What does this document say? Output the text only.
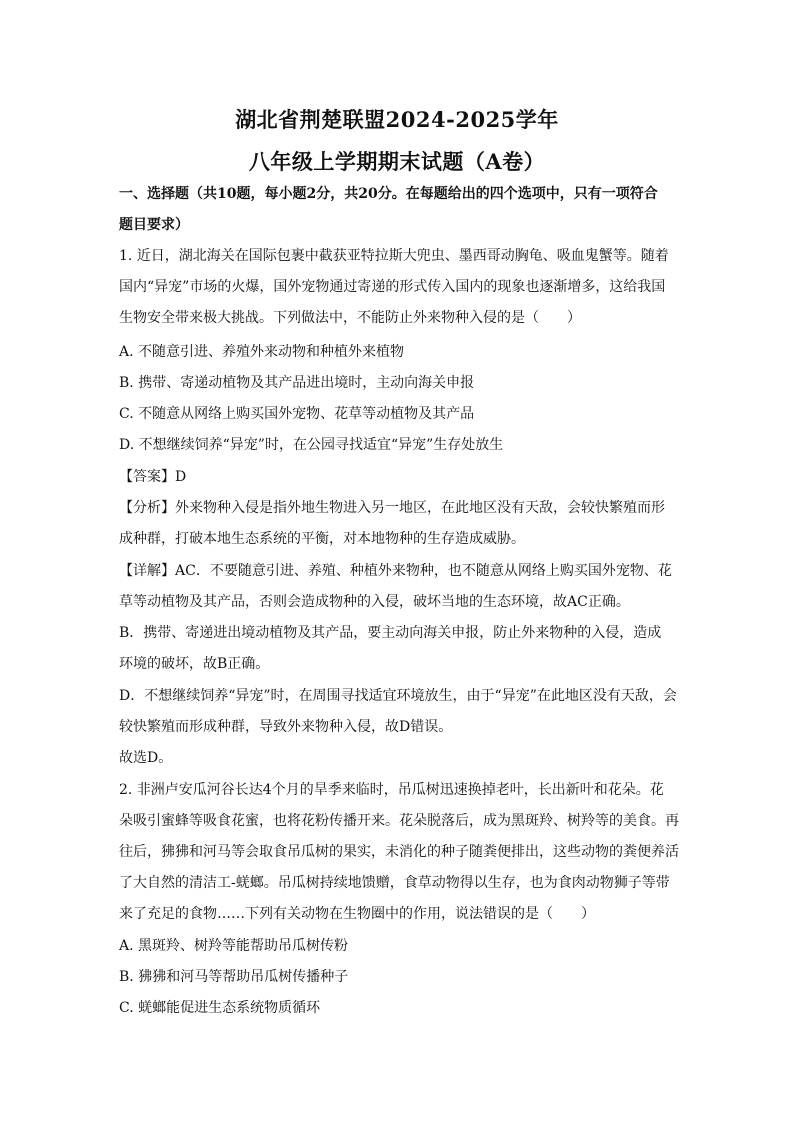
湖北省荆楚联盟2024-2025学年
八年级上学期期末试题（A卷）
一、选择题（共10题，每小题2分，共20分。在每题给出的四个选项中，只有一项符合
题目要求）
1. 近日，湖北海关在国际包裹中截获亚特拉斯大兜虫、墨西哥动胸龟、吸血鬼蟹等。随着
国内“异宠”市场的火爆，国外宠物通过寄递的形式传入国内的现象也逐渐增多，这给我国
生物安全带来极大挑战。下列做法中，不能防止外来物种入侵的是（　　）
A. 不随意引进、养殖外来动物和种植外来植物
B. 携带、寄递动植物及其产品进出境时，主动向海关申报
C. 不随意从网络上购买国外宠物、花草等动植物及其产品
D. 不想继续饲养“异宠”时，在公园寻找适宜“异宠”生存处放生
【答案】D
【分析】外来物种入侵是指外地生物进入另一地区，在此地区没有天敌，会较快繁殖而形
成种群，打破本地生态系统的平衡，对本地物种的生存造成威胁。
【详解】AC．不要随意引进、养殖、种植外来物种，也不随意从网络上购买国外宠物、花
草等动植物及其产品，否则会造成物种的入侵，破坏当地的生态环境，故AC正确。
B．携带、寄递进出境动植物及其产品，要主动向海关申报，防止外来物种的入侵，造成
环境的破坏，故B正确。
D．不想继续饲养“异宠”时，在周围寻找适宜环境放生，由于“异宠”在此地区没有天敌，会
较快繁殖而形成种群，导致外来物种入侵，故D错误。
故选D。
2. 非洲卢安瓜河谷长达4个月的旱季来临时，吊瓜树迅速换掉老叶，长出新叶和花朵。花
朵吸引蜜蜂等吸食花蜜，也将花粉传播开来。花朵脱落后，成为黑斑羚、树羚等的美食。再
往后，狒狒和河马等会取食吊瓜树的果实，未消化的种子随粪便排出，这些动物的粪便养活
了大自然的清洁工-蜣螂。吊瓜树持续地馈赠，食草动物得以生存，也为食肉动物狮子等带
来了充足的食物……下列有关动物在生物圈中的作用，说法错误的是（　　）
A. 黑斑羚、树羚等能帮助吊瓜树传粉
B. 狒狒和河马等帮助吊瓜树传播种子
C. 蜣螂能促进生态系统物质循环
